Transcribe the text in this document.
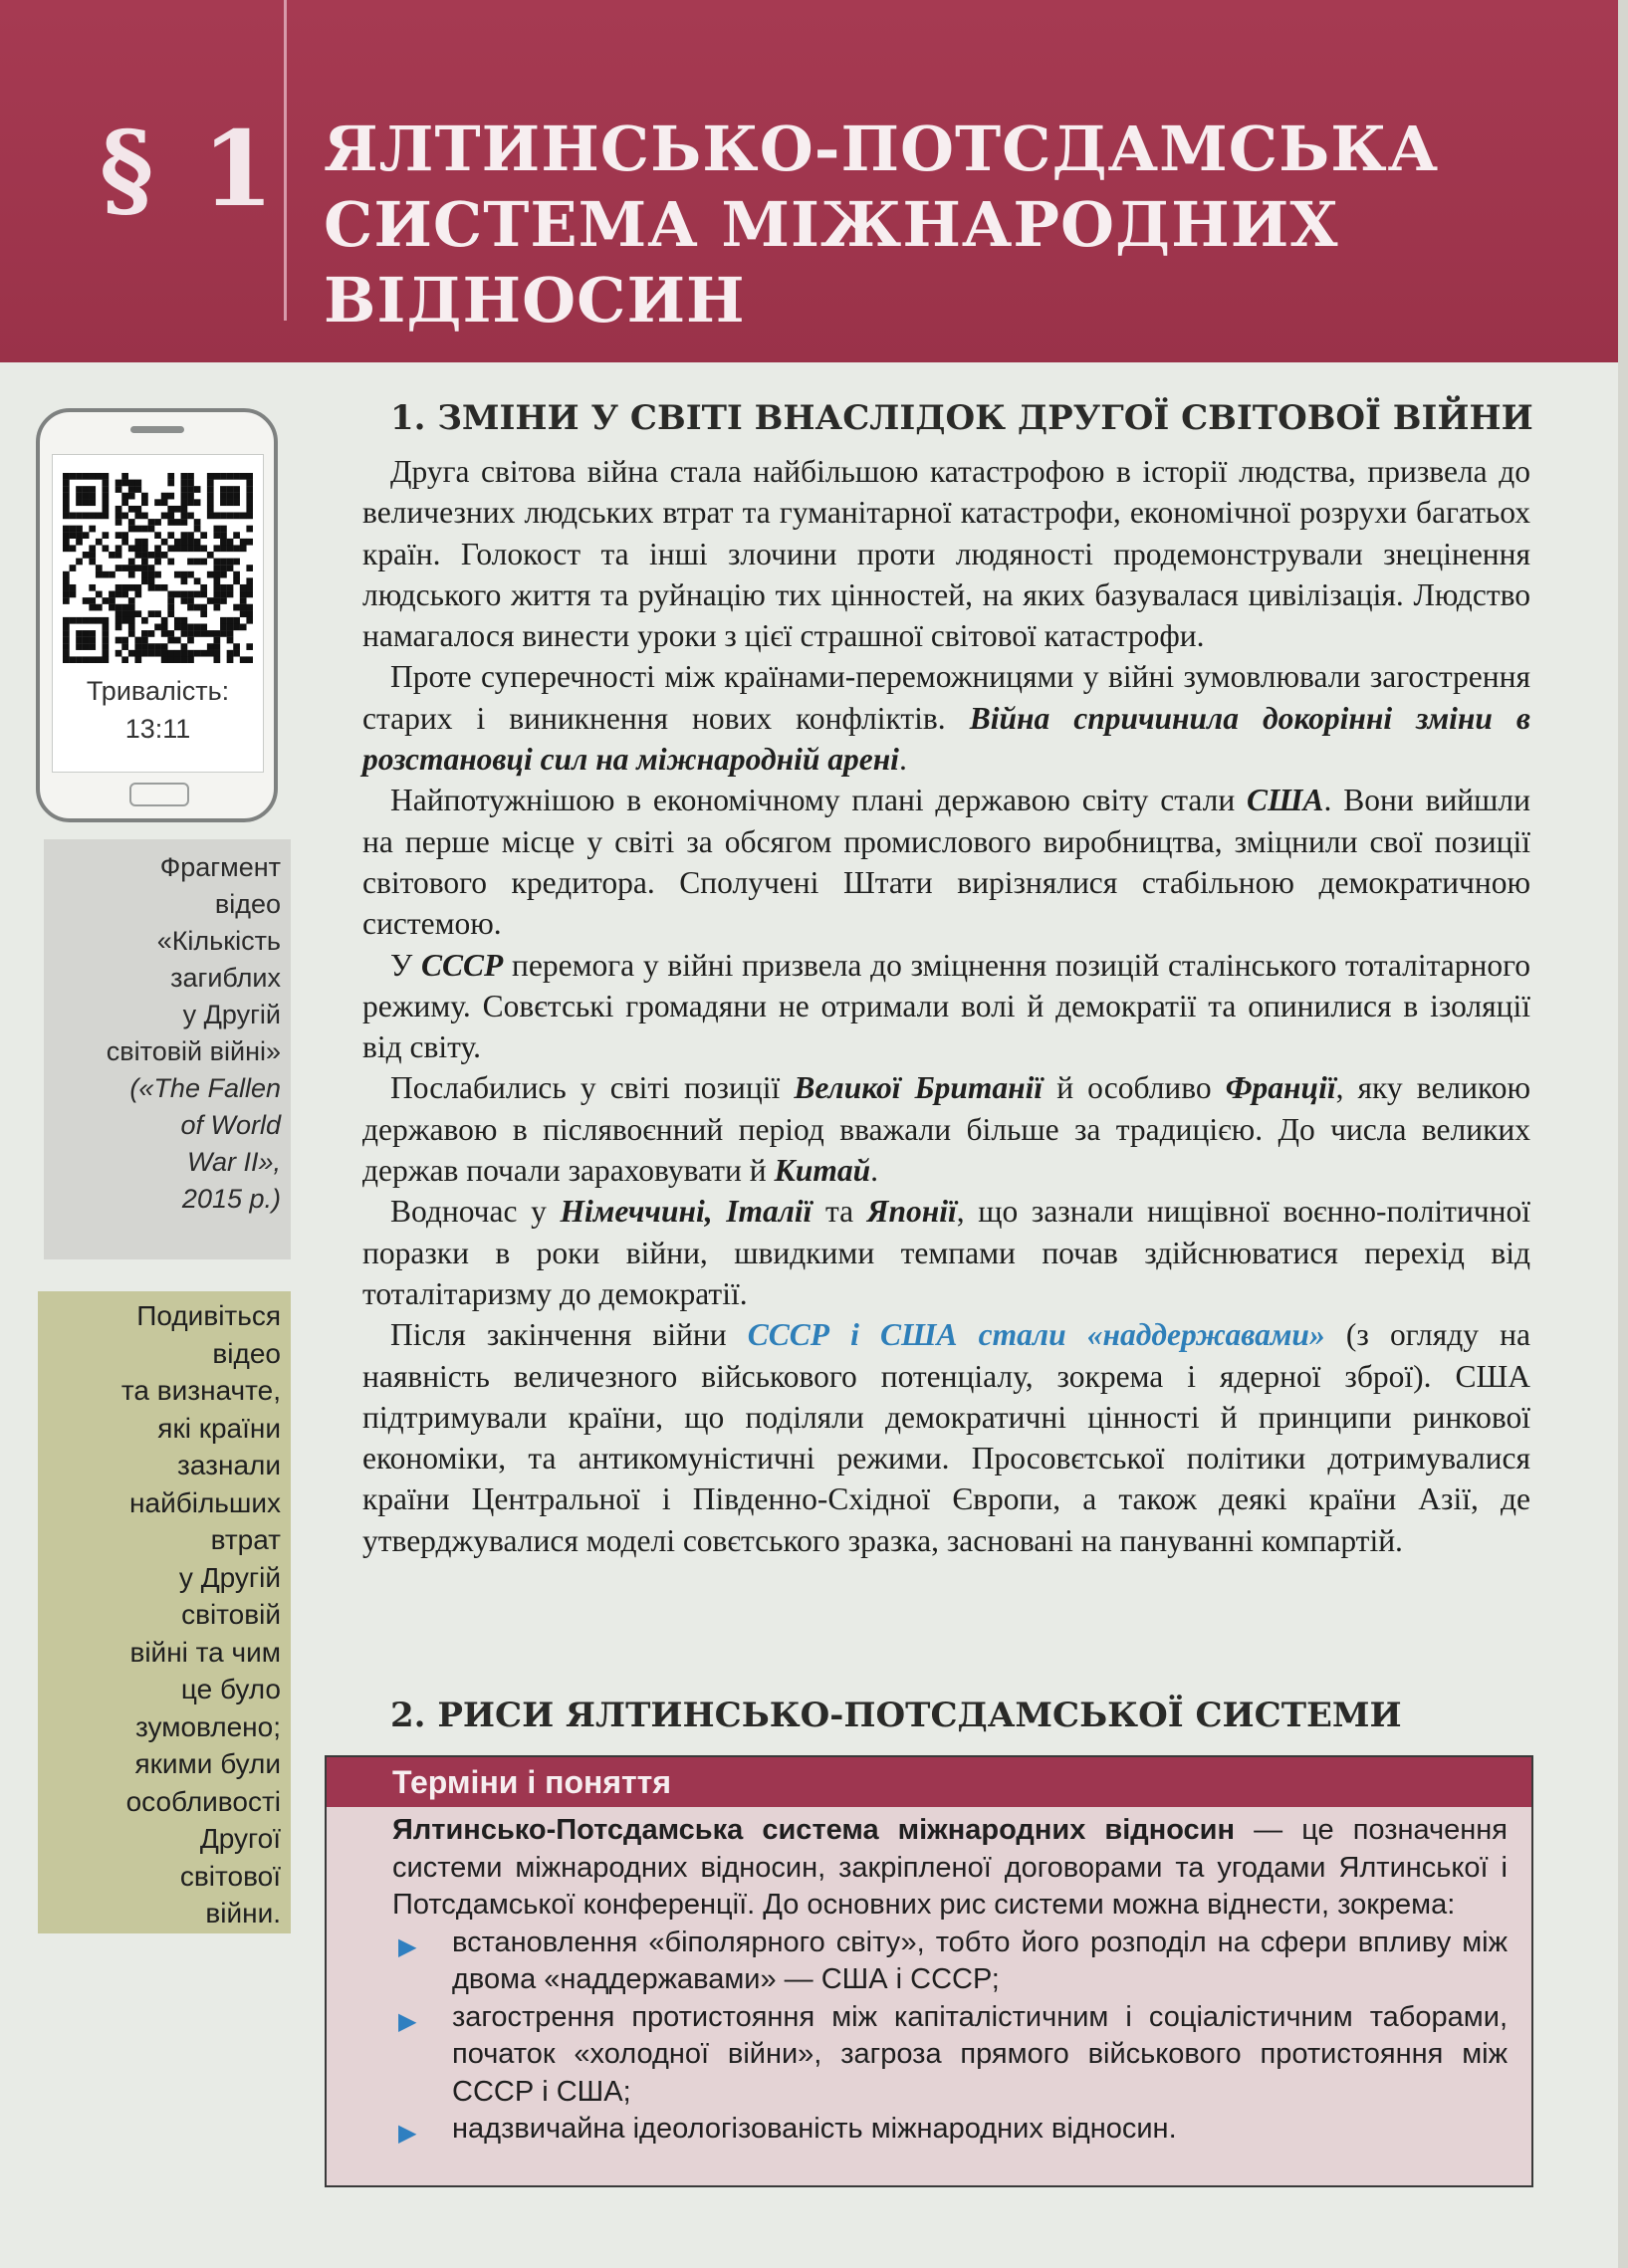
§ 1 ЯЛТИНСЬКО-ПОТСДАМСЬКА
СИСТЕМА МІЖНАРОДНИХ
ВІДНОСИН
Тривалість:
13:11
Фрагмент
відео
«Кількість
загиблих
у Другій
світовій війні»
(«The Fallen
of World
War II»,
2015 р.)
Подивіться
відео
та визначте,
які країни
зазнали
найбільших
втрат
у Другій
світовій
війні та чим
це було
зумовлено;
якими були
особливості
Другої
світової
війни.
1. ЗМІНИ У СВІТІ ВНАСЛІДОК ДРУГОЇ СВІТОВОЇ ВІЙНИ

Друга світова війна стала найбільшою катастрофою в історії людства, призвела до величезних людських втрат та гуманітарної катастрофи, економічної розрухи багатьох країн. Голокост та інші злочини проти людяності продемонстрували знецінення людського життя та руйнацію тих цінностей, на яких базувалася цивілізація. Людство намагалося винести уроки з цієї страшної світової катастрофи.

Проте суперечності між країнами-переможницями у війні зумовлювали загострення старих і виникнення нових конфліктів. Війна спричинила докорінні зміни в розстановці сил на міжнародній арені.

Найпотужнішою в економічному плані державою світу стали США. Вони вийшли на перше місце у світі за обсягом промислового виробництва, зміцнили свої позиції світового кредитора. Сполучені Штати вирізнялися стабільною демократичною системою.

У СССР перемога у війні призвела до зміцнення позицій сталінського тоталітарного режиму. Совєтські громадяни не отримали волі й демократії та опинилися в ізоляції від світу.

Послабились у світі позиції Великої Британії й особливо Франції, яку великою державою в післявоєнний період вважали більше за традицією. До числа великих держав почали зараховувати й Китай.

Водночас у Німеччині, Італії та Японії, що зазнали нищівної воєнно-політичної поразки в роки війни, швидкими темпами почав здійснюватися перехід від тоталітаризму до демократії.

Після закінчення війни СССР і США стали «наддержавами» (з огляду на наявність величезного військового потенціалу, зокрема і ядерної зброї). США підтримували країни, що поділяли демократичні цінності й принципи ринкової економіки, та антикомуністичні режими. Просовєтської політики дотримувалися країни Центральної і Південно-Східної Європи, а також деякі країни Азії, де утверджувалися моделі совєтського зразка, засновані на пануванні компартій.

2. РИСИ ЯЛТИНСЬКО-ПОТСДАМСЬКОЇ СИСТЕМИ
Терміни і поняття

Ялтинсько-Потсдамська система міжнародних відносин — це позначення системи міжнародних відносин, закріпленої договорами та угодами Ялтинської і Потсдамської конференції. До основних рис системи можна віднести, зокрема:

▶ встановлення «біполярного світу», тобто його розподіл на сфери впливу між двома «наддержавами» — США і СССР;
▶ загострення протистояння між капіталістичним і соціалістичним таборами, початок «холодної війни», загроза прямого військового протистояння між СССР і США;
▶ надзвичайна ідеологізованість міжнародних відносин.
